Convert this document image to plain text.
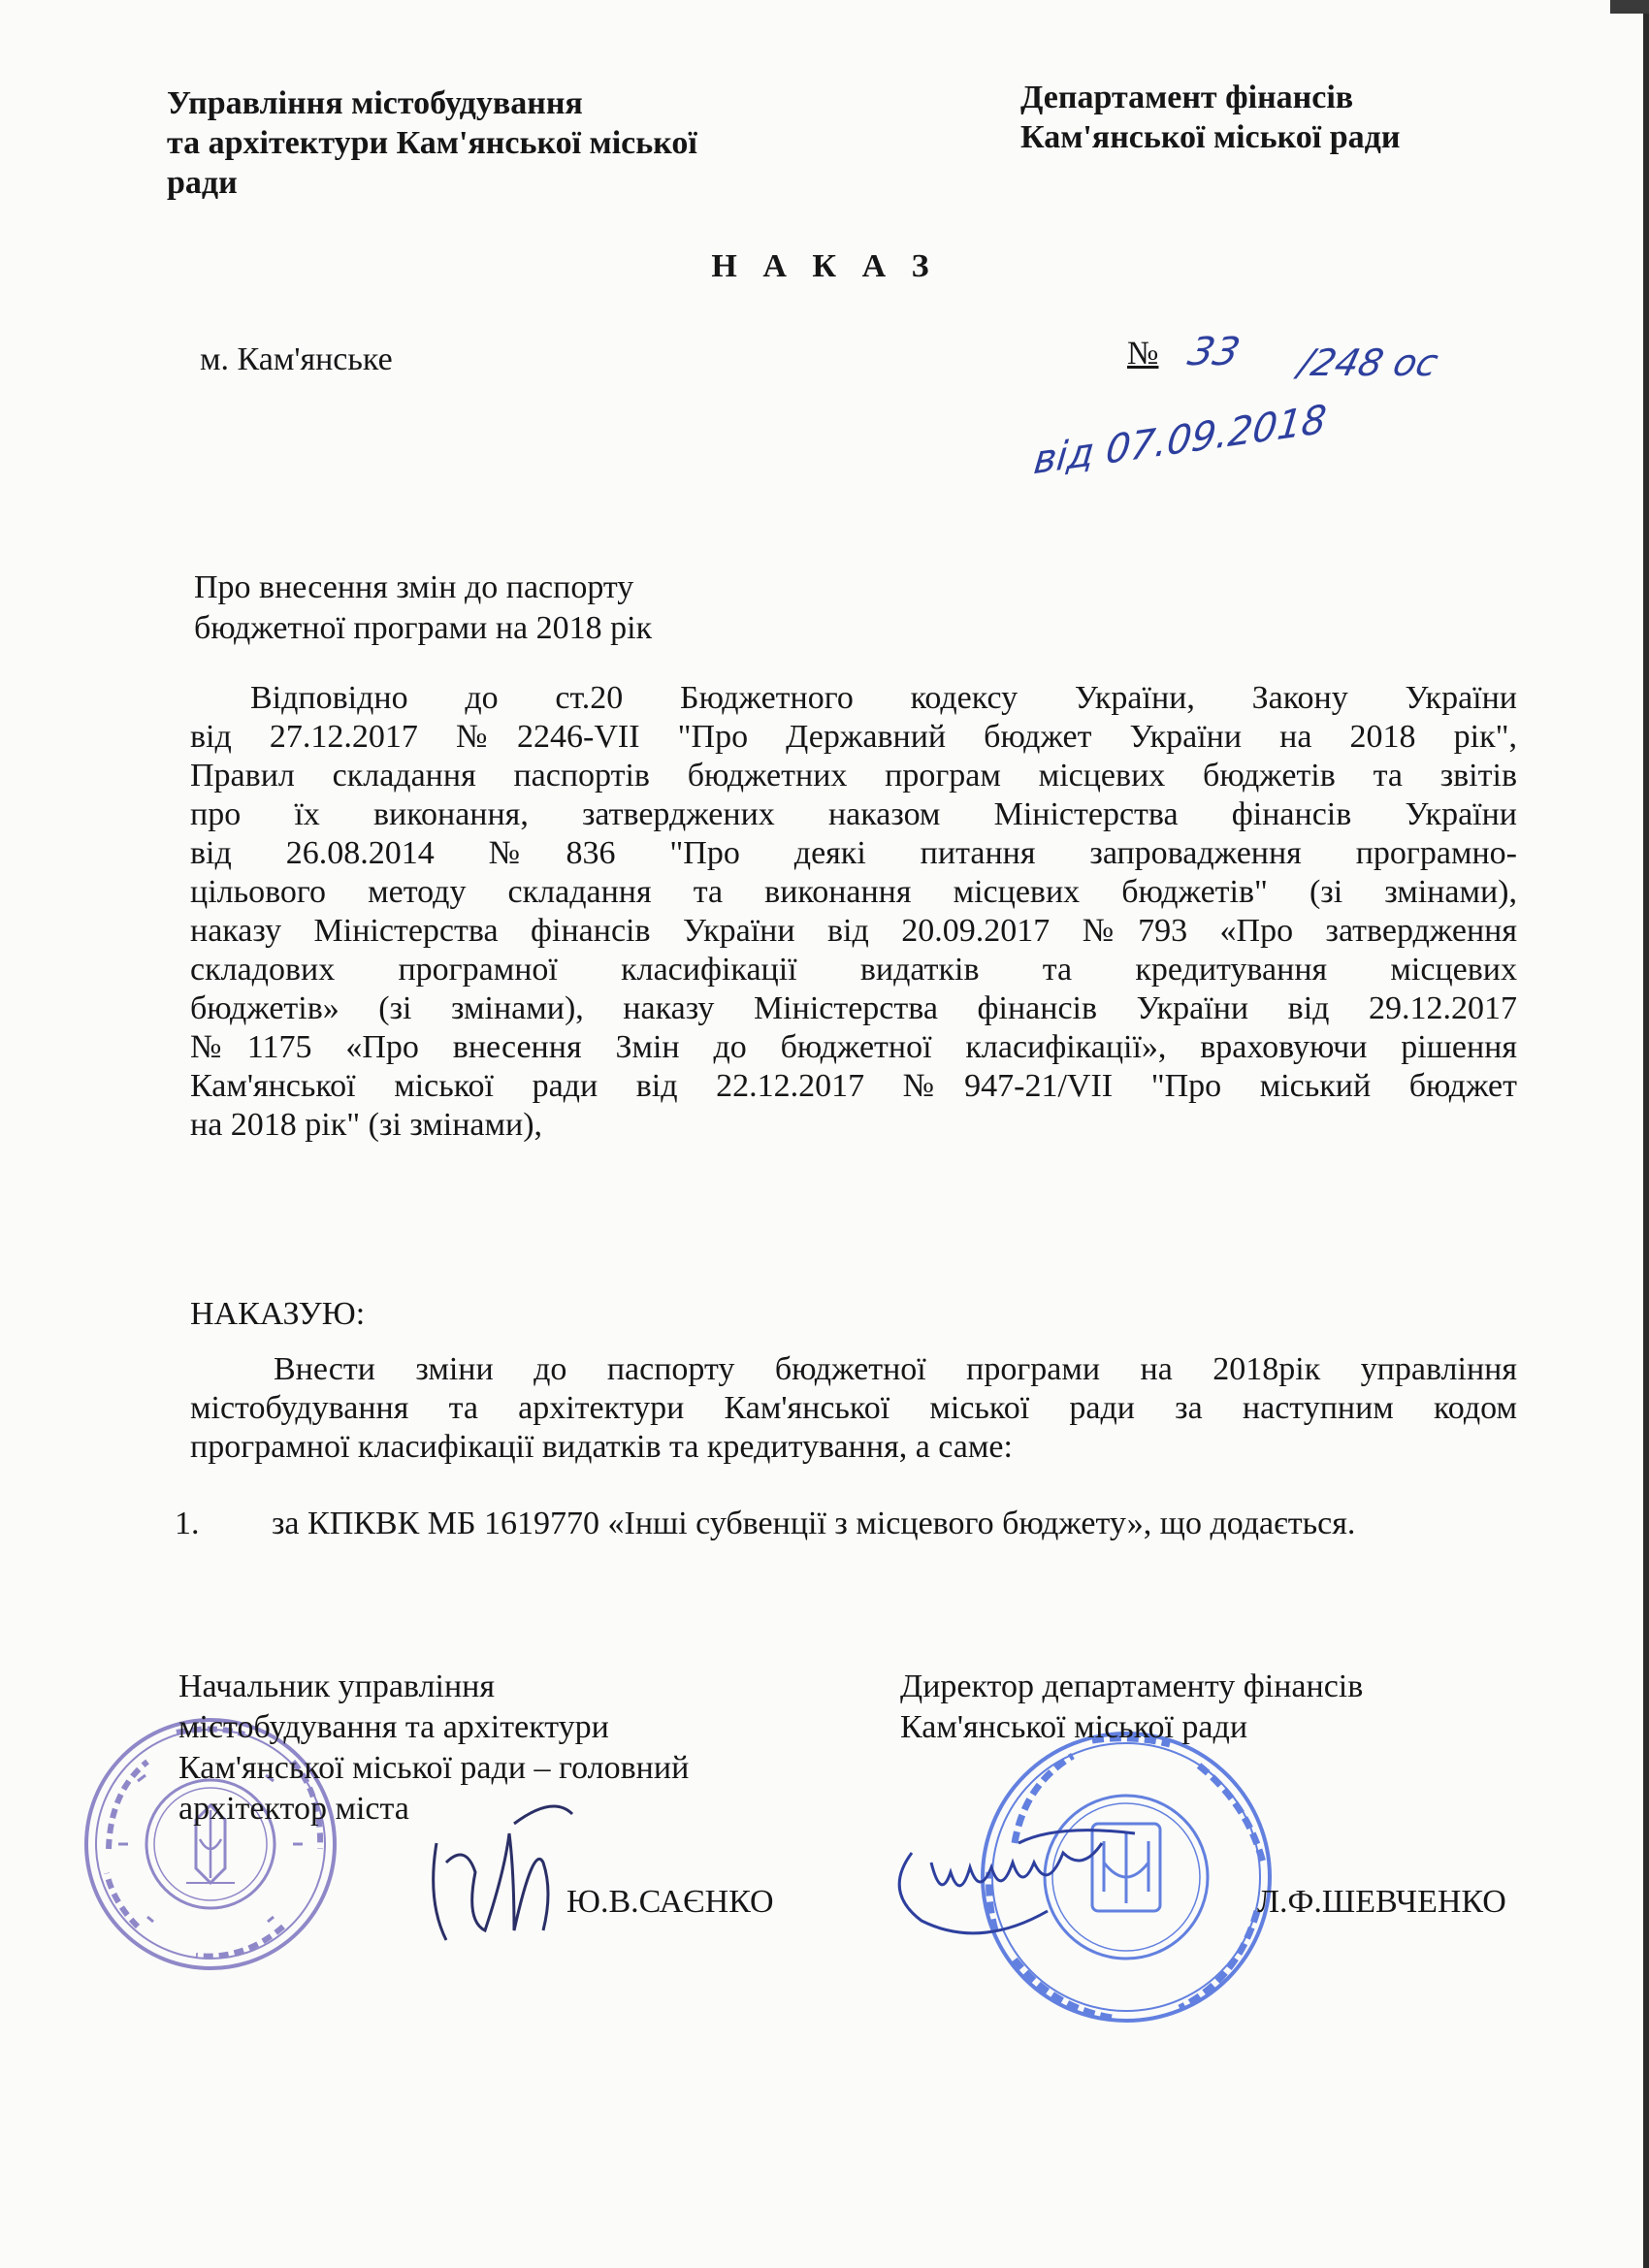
Управління містобудування
та архітектури Кам'янської міської
ради
Департамент фінансів
Кам'янської міської ради
Н А К А З
м. Кам'янське	№ 33 /248 ос
від 07.09.2018
Про внесення змін до паспорту
бюджетної програми на 2018 рік
Відповідно до ст.20 Бюджетного кодексу України, Закону України
від 27.12.2017 №2246-VII "Про Державний бюджет України на 2018 рік",
Правил складання паспортів бюджетних програм місцевих бюджетів та звітів
про їх виконання, затверджених наказом Міністерства фінансів України
від 26.08.2014 №836 "Про деякі питання запровадження програмно-
цільового методу складання та виконання місцевих бюджетів" (зі змінами),
наказу Міністерства фінансів України від 20.09.2017 №793 «Про затвердження
складових програмної класифікації видатків та кредитування місцевих
бюджетів» (зі змінами), наказу Міністерства фінансів України від 29.12.2017
№1175 «Про внесення Змін до бюджетної класифікації», враховуючи рішення
Кам'янської міської ради від 22.12.2017 №947-21/VII "Про міський бюджет
на 2018 рік" (зі змінами),
НАКАЗУЮ:
Внести зміни до паспорту бюджетної програми на 2018рік управління
містобудування та архітектури Кам'янської міської ради за наступним кодом
програмної класифікації видатків та кредитування, а саме:
1. за КПКВК МБ 1619770 «Інші субвенції з місцевого бюджету», що додається.
Начальник управління
містобудування та архітектури
Кам'янської міської ради – головний
архітектор міста
Ю.В.САЄНКО
Директор департаменту фінансів
Кам'янської міської ради
Л.Ф.ШЕВЧЕНКО
